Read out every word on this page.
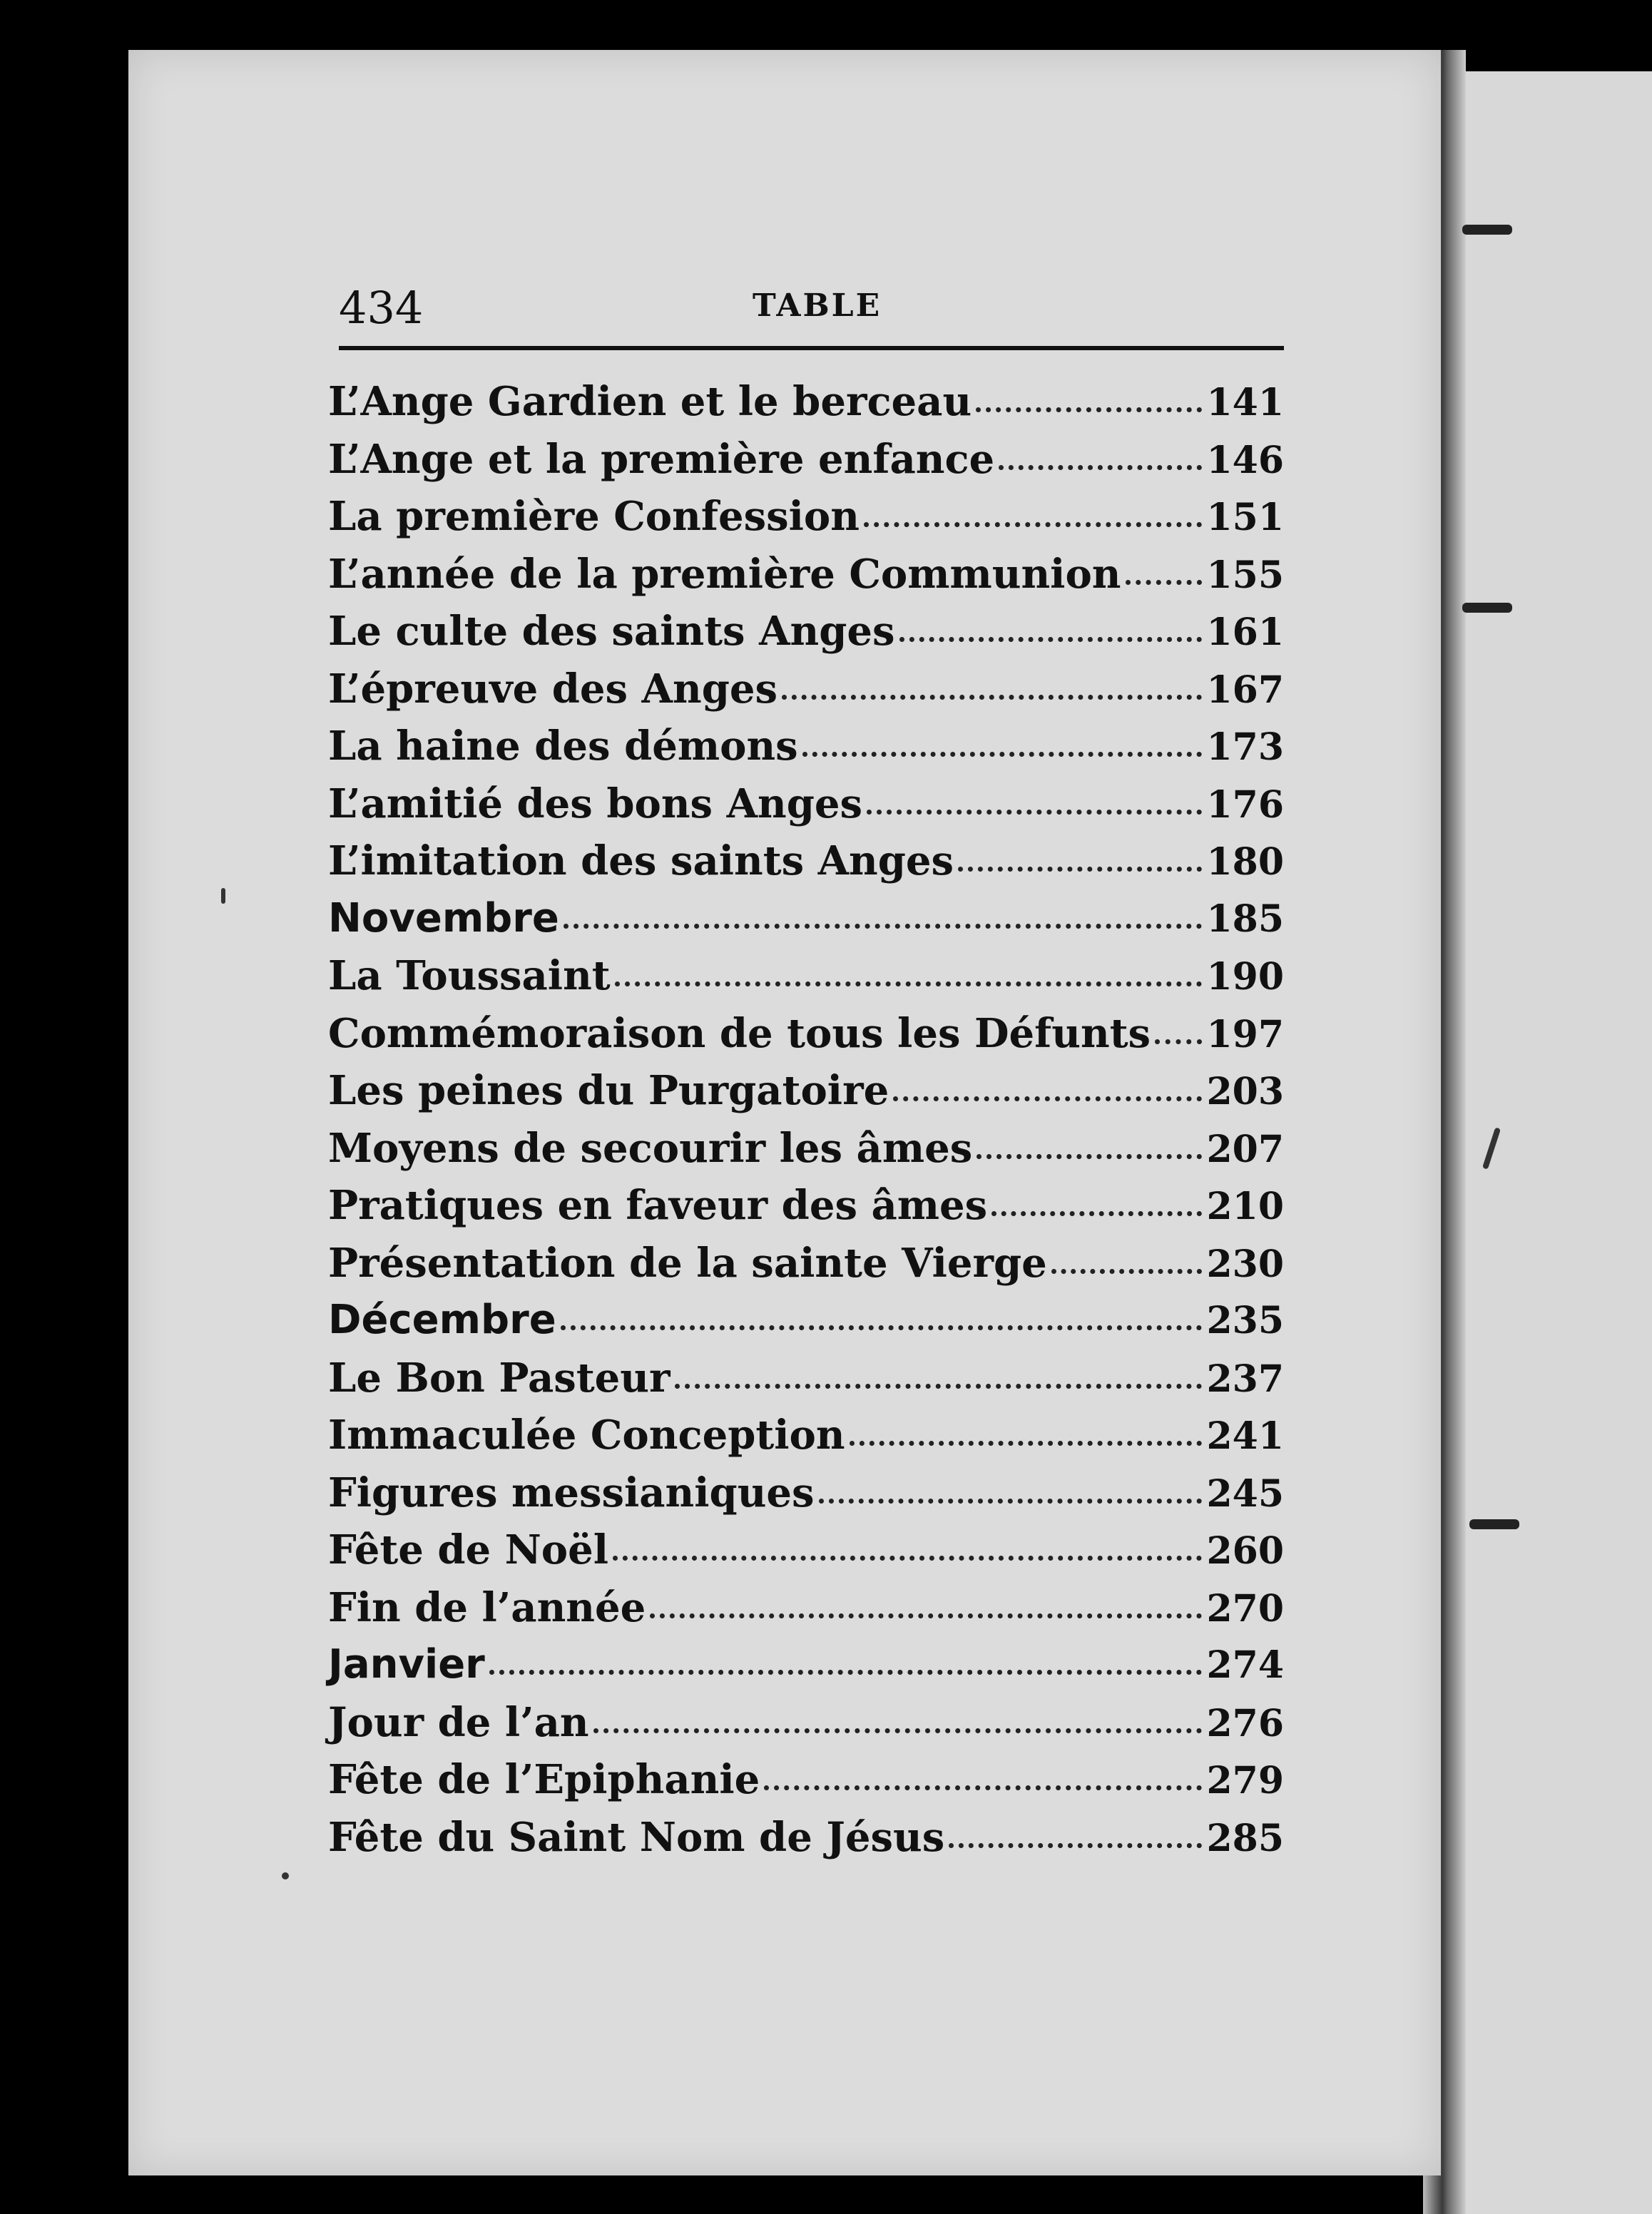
434	TABLE
L’Ange Gardien et le berceau	141
L’Ange et la première enfance	146
La première Confession	151
L’année de la première Communion 155
Le culte des saints Anges	161
L’épreuve des Anges	167
La haine des démons	173
L’amitié des bons Anges	176
L’imitation des saints Anges	180
Novembre	185
La Toussaint	190
Commémoraison de tous les Défunts 197
Les peines du Purgatoire	203
Moyens de secourir les âmes	207
Pratiques en faveur des âmes	210
Présentation de la sainte Vierge	230
Décembre	235
Le Bon Pasteur	237
Immaculée Conception	241
Figures messianiques	245
Fête de Noël	260
Fin de l’année	270
Janvier	274
Jour de l’an	276
Fête de l’Epiphanie	279
Fête du Saint Nom de Jésus	285
